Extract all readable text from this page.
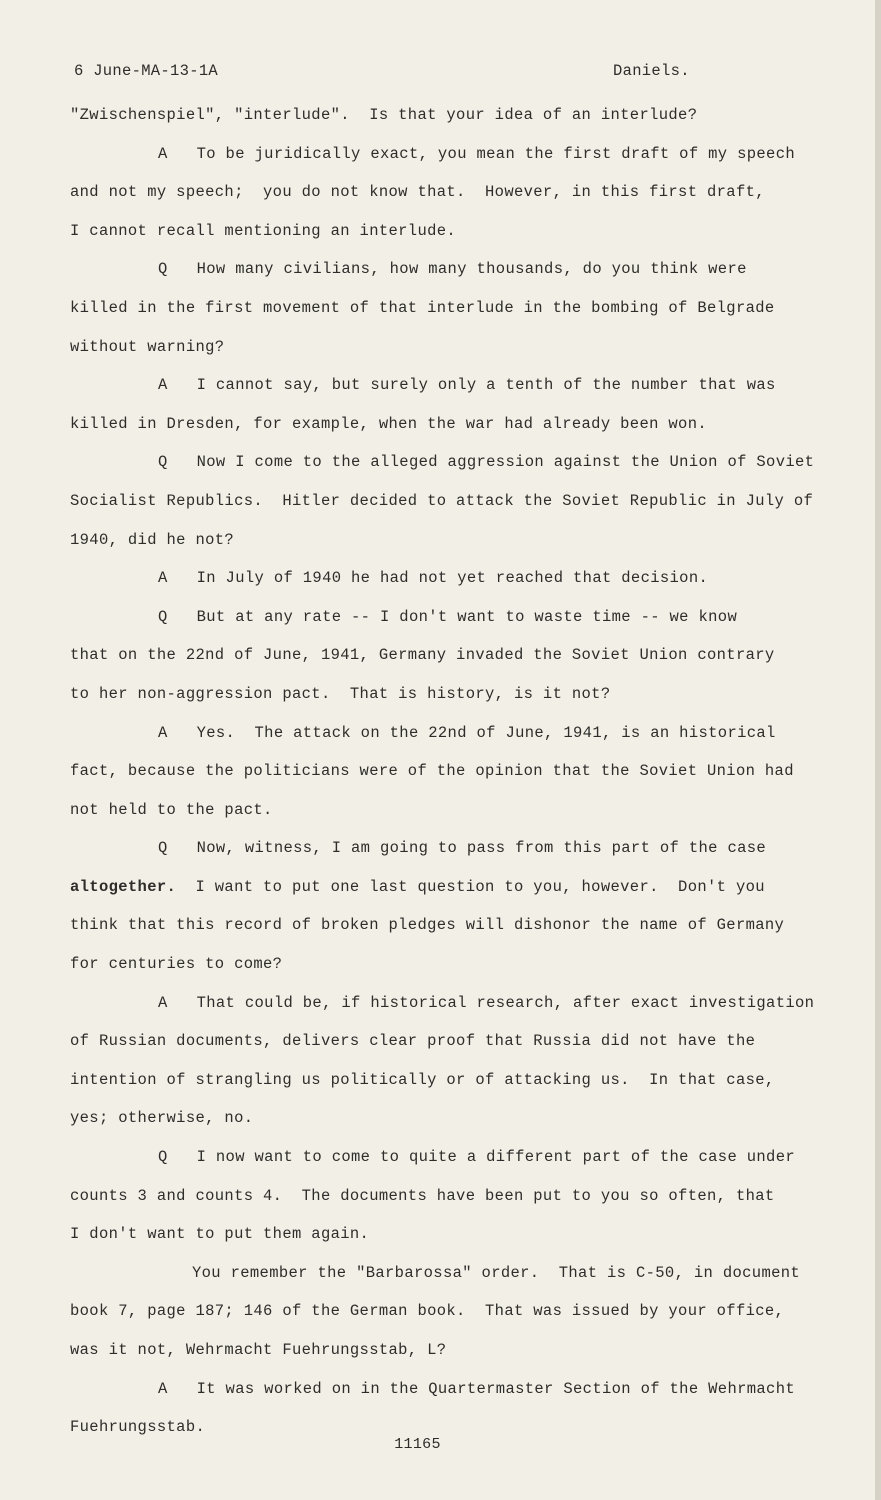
6 June-MA-13-1A	Daniels.
"Zwischenspiel", "interlude".  Is that your idea of an interlude?
A   To be juridically exact, you mean the first draft of my speech
and not my speech;  you do not know that.  However, in this first draft,
I cannot recall mentioning an interlude.
Q   How many civilians, how many thousands, do you think were
killed in the first movement of that interlude in the bombing of Belgrade
without warning?
A   I cannot say, but surely only a tenth of the number that was
killed in Dresden, for example, when the war had already been won.
Q   Now I come to the alleged aggression against the Union of Soviet
Socialist Republics.  Hitler decided to attack the Soviet Republic in July of
1940, did he not?
A   In July of 1940 he had not yet reached that decision.
Q   But at any rate -- I don't want to waste time -- we know
that on the 22nd of June, 1941, Germany invaded the Soviet Union contrary
to her non-aggression pact.  That is history, is it not?
A   Yes.  The attack on the 22nd of June, 1941, is an historical
fact, because the politicians were of the opinion that the Soviet Union had
not held to the pact.
Q   Now, witness, I am going to pass from this part of the case
altogether.  I want to put one last question to you, however.  Don't you
think that this record of broken pledges will dishonor the name of Germany
for centuries to come?
A   That could be, if historical research, after exact investigation
of Russian documents, delivers clear proof that Russia did not have the
intention of strangling us politically or of attacking us.  In that case,
yes; otherwise, no.
Q   I now want to come to quite a different part of the case under
counts 3 and counts 4.  The documents have been put to you so often, that
I don't want to put them again.
You remember the "Barbarossa" order.  That is C-50, in document
book 7, page 187; 146 of the German book.  That was issued by your office,
was it not, Wehrmacht Fuehrungsstab, L?
A   It was worked on in the Quartermaster Section of the Wehrmacht
Fuehrungsstab.
11165
